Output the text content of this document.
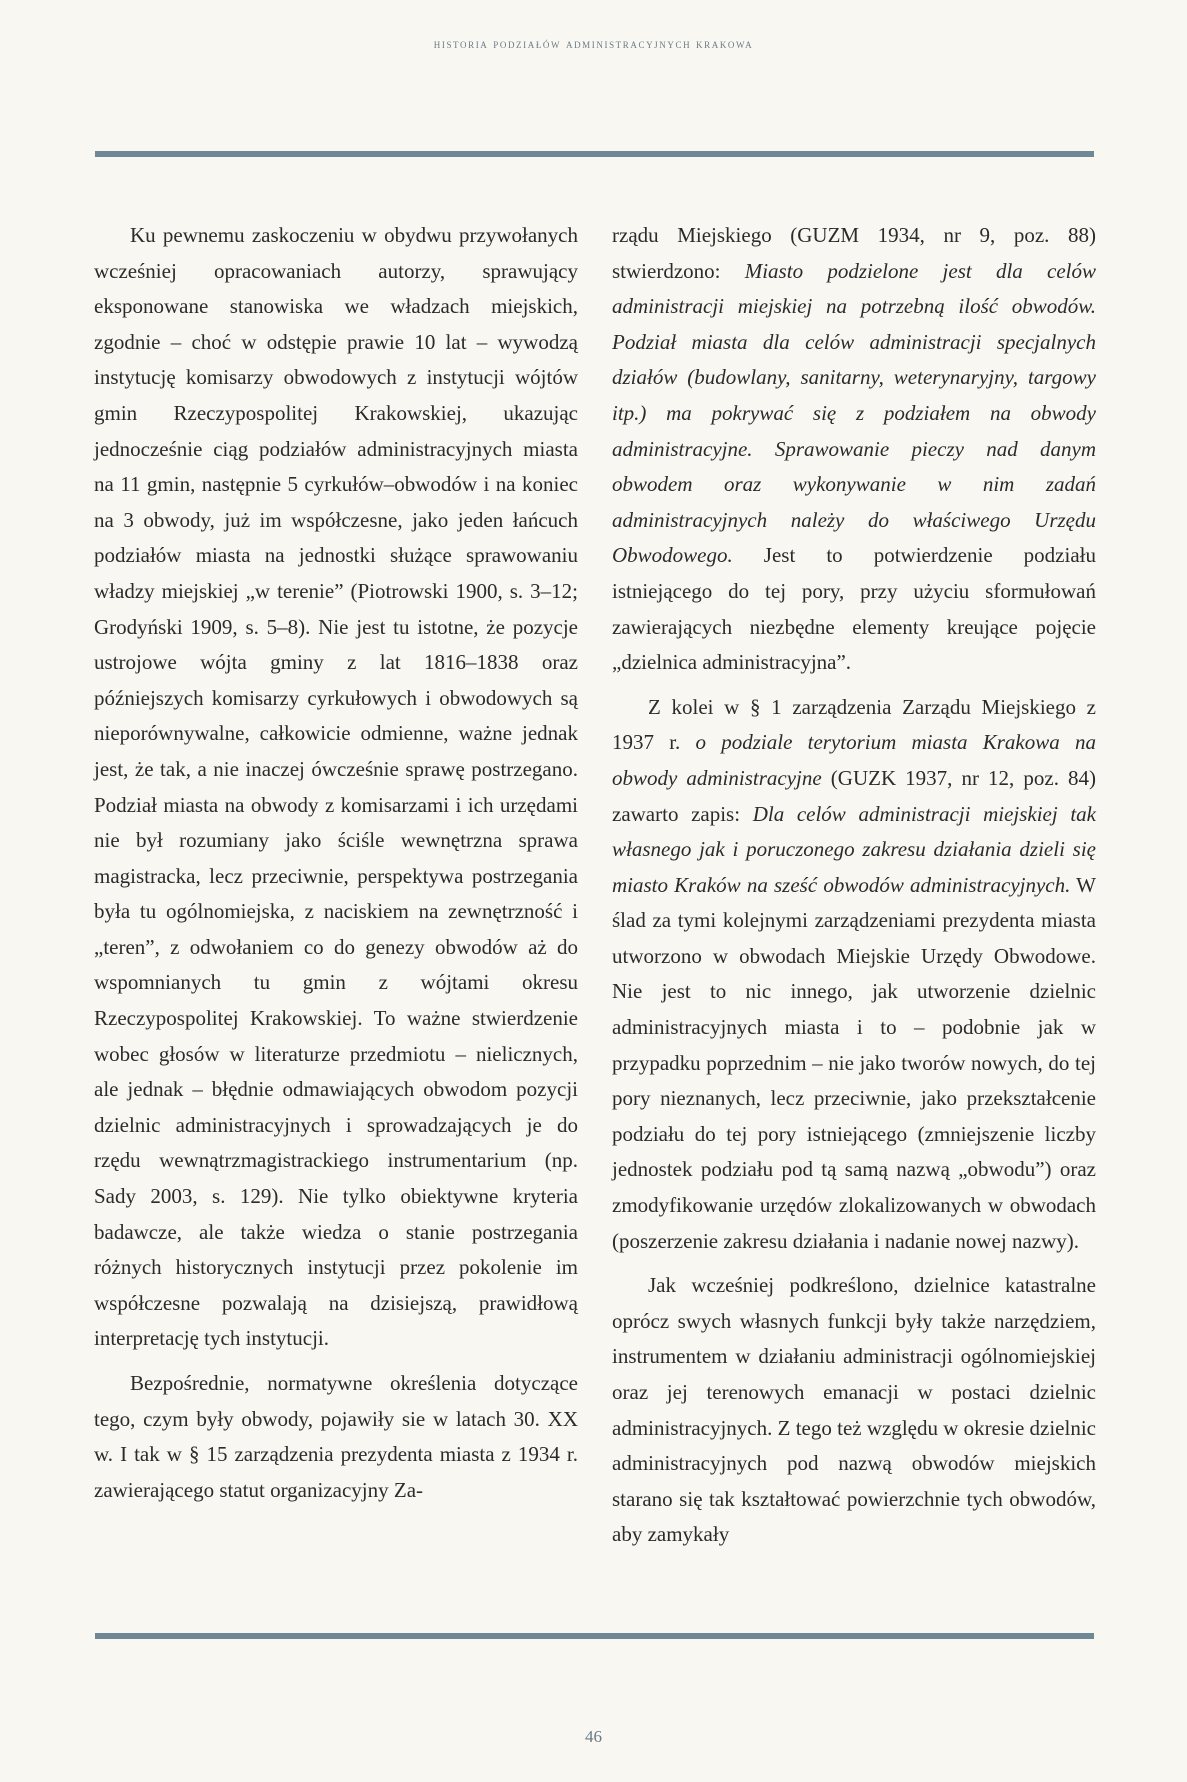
historia podziałów administracyjnych krakowa

Ku pewnemu zaskoczeniu w obydwu przywołanych wcześniej opracowaniach autorzy, sprawujący eksponowane stanowiska we władzach miejskich, zgodnie – choć w odstępie prawie 10 lat – wywodzą instytucję komisarzy obwodowych z instytucji wójtów gmin Rzeczypospolitej Krakowskiej, ukazując jednocześnie ciąg podziałów administracyjnych miasta na 11 gmin, następnie 5 cyrkułów–obwodów i na koniec na 3 obwody, już im współczesne, jako jeden łańcuch podziałów miasta na jednostki służące sprawowaniu władzy miejskiej „w terenie” (Piotrowski 1900, s. 3–12; Grodyński 1909, s. 5–8). Nie jest tu istotne, że pozycje ustrojowe wójta gminy z lat 1816–1838 oraz późniejszych komisarzy cyrkułowych i obwodowych są nieporównywalne, całkowicie odmienne, ważne jednak jest, że tak, a nie inaczej ówcześnie sprawę postrzegano. Podział miasta na obwody z komisarzami i ich urzędami nie był rozumiany jako ściśle wewnętrzna sprawa magistracka, lecz przeciwnie, perspektywa postrzegania była tu ogólnomiejska, z naciskiem na zewnętrzność i „teren”, z odwołaniem co do genezy obwodów aż do wspomnianych tu gmin z wójtami okresu Rzeczypospolitej Krakowskiej. To ważne stwierdzenie wobec głosów w literaturze przedmiotu – nielicznych, ale jednak – błędnie odmawiających obwodom pozycji dzielnic administracyjnych i sprowadzających je do rzędu wewnątrzmagistrackiego instrumentarium (np. Sady 2003, s. 129). Nie tylko obiektywne kryteria badawcze, ale także wiedza o stanie postrzegania różnych historycznych instytucji przez pokolenie im współczesne pozwalają na dzisiejszą, prawidłową interpretację tych instytucji.

Bezpośrednie, normatywne określenia dotyczące tego, czym były obwody, pojawiły sie w latach 30. XX w. I tak w § 15 zarządzenia prezydenta miasta z 1934 r. zawierającego statut organizacyjny Za-

rządu Miejskiego (GUZM 1934, nr 9, poz. 88) stwierdzono: Miasto podzielone jest dla celów administracji miejskiej na potrzebną ilość obwodów. Podział miasta dla celów administracji specjalnych działów (budowlany, sanitarny, weterynaryjny, targowy itp.) ma pokrywać się z podziałem na obwody administracyjne. Sprawowanie pieczy nad danym obwodem oraz wykonywanie w nim zadań administracyjnych należy do właściwego Urzędu Obwodowego. Jest to potwierdzenie podziału istniejącego do tej pory, przy użyciu sformułowań zawierających niezbędne elementy kreujące pojęcie „dzielnica administracyjna”.

Z kolei w § 1 zarządzenia Zarządu Miejskiego z 1937 r. o podziale terytorium miasta Krakowa na obwody administracyjne (GUZK 1937, nr 12, poz. 84) zawarto zapis: Dla celów administracji miejskiej tak własnego jak i poruczonego zakresu działania dzieli się miasto Kraków na sześć obwodów administracyjnych. W ślad za tymi kolejnymi zarządzeniami prezydenta miasta utworzono w obwodach Miejskie Urzędy Obwodowe. Nie jest to nic innego, jak utworzenie dzielnic administracyjnych miasta i to – podobnie jak w przypadku poprzednim – nie jako tworów nowych, do tej pory nieznanych, lecz przeciwnie, jako przekształcenie podziału do tej pory istniejącego (zmniejszenie liczby jednostek podziału pod tą samą nazwą „obwodu”) oraz zmodyfikowanie urzędów zlokalizowanych w obwodach (poszerzenie zakresu działania i nadanie nowej nazwy).

Jak wcześniej podkreślono, dzielnice katastralne oprócz swych własnych funkcji były także narzędziem, instrumentem w działaniu administracji ogólnomiejskiej oraz jej terenowych emanacji w postaci dzielnic administracyjnych. Z tego też względu w okresie dzielnic administracyjnych pod nazwą obwodów miejskich starano się tak kształtować powierzchnie tych obwodów, aby zamykały

46
